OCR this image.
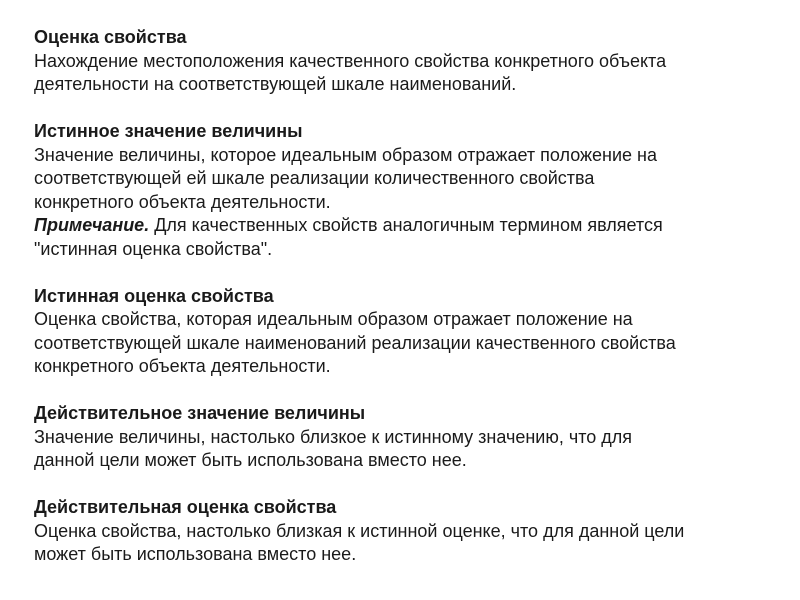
Оценка свойства
Нахождение местоположения качественного свойства конкретного объекта
деятельности на соответствующей шкале наименований.
Истинное значение величины
Значение величины, которое идеальным образом отражает положение на
соответствующей ей шкале реализации количественного свойства
конкретного объекта деятельности.
Примечание. Для качественных свойств аналогичным термином является
"истинная оценка свойства".
Истинная оценка свойства
Оценка свойства, которая идеальным образом отражает положение на
соответствующей шкале наименований реализации качественного свойства
конкретного объекта деятельности.
Действительное значение величины
Значение величины, настолько близкое к истинному значению, что для
данной цели может быть использована вместо нее.
Действительная оценка свойства
Оценка свойства, настолько близкая к истинной оценке, что для данной цели
может быть использована вместо нее.
